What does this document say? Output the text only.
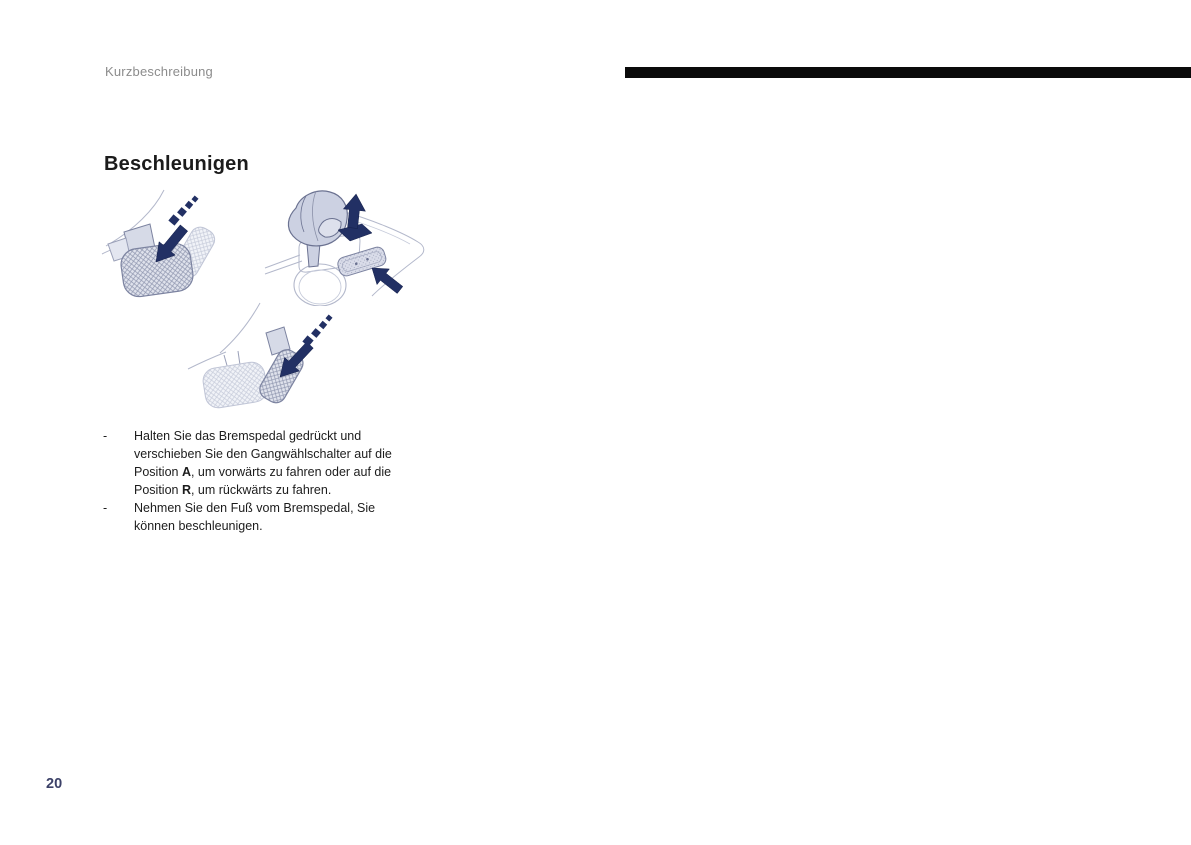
Kurzbeschreibung
Beschleunigen
-	Halten Sie das Bremspedal gedrückt und verschieben Sie den Gangwählschalter auf die Position A, um vorwärts zu fahren oder auf die Position R, um rückwärts zu fahren.
-	Nehmen Sie den Fuß vom Bremspedal, Sie können beschleunigen.
20
